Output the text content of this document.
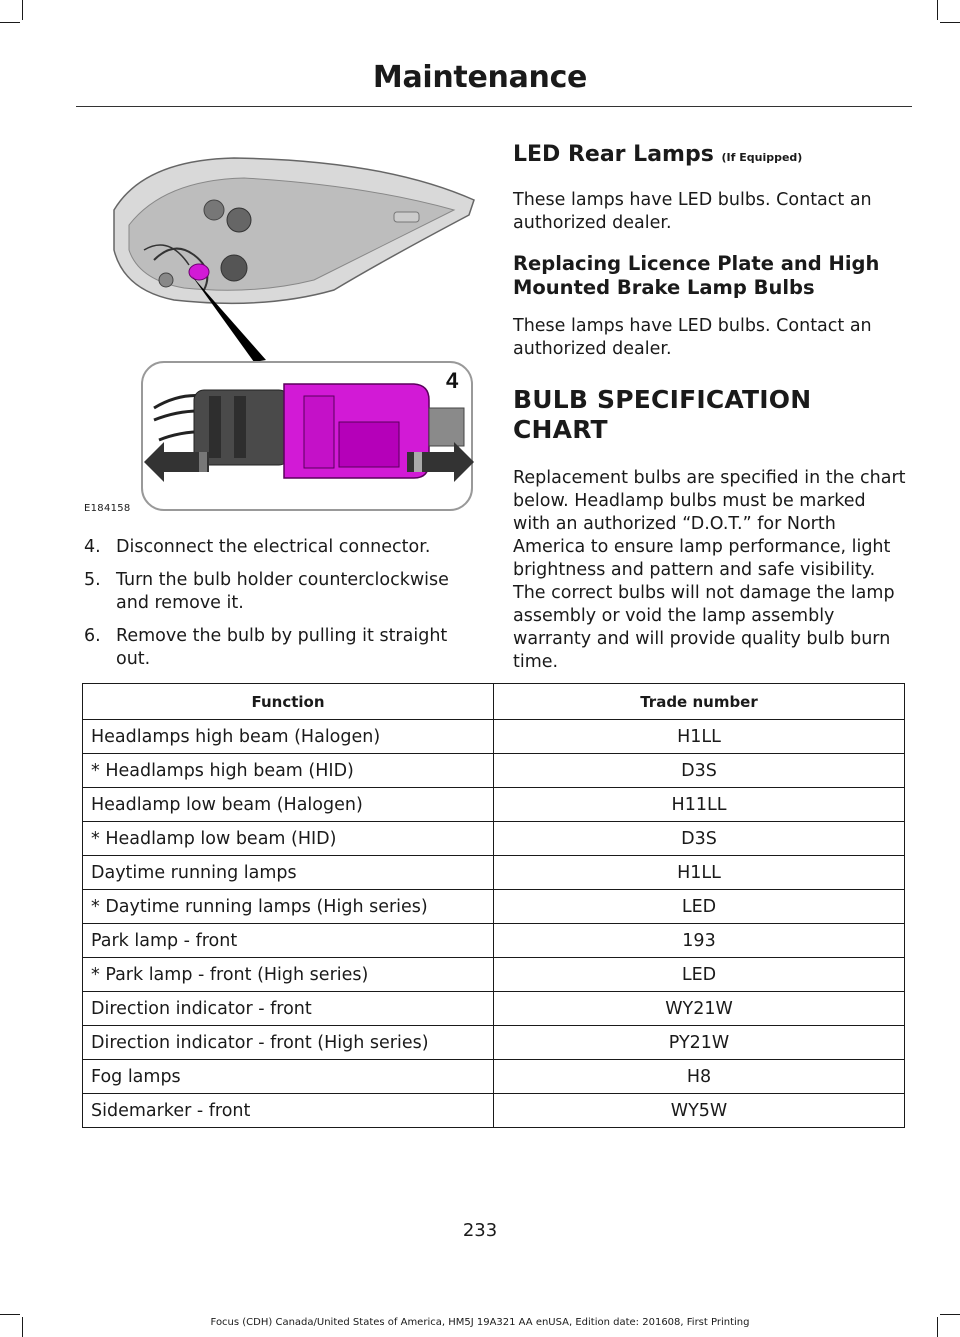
Maintenance
4
E184158
4. Disconnect the electrical connector.
5. Turn the bulb holder counterclockwise and remove it.
6. Remove the bulb by pulling it straight out.
LED Rear Lamps (If Equipped)

These lamps have LED bulbs. Contact an authorized dealer.

Replacing Licence Plate and High Mounted Brake Lamp Bulbs

These lamps have LED bulbs. Contact an authorized dealer.

BULB SPECIFICATION CHART

Replacement bulbs are specified in the chart below. Headlamp bulbs must be marked with an authorized “D.O.T.” for North America to ensure lamp performance, light brightness and pattern and safe visibility. The correct bulbs will not damage the lamp assembly or void the lamp assembly warranty and will provide quality bulb burn time.

Function	Trade number
Headlamps high beam (Halogen)	H1LL
* Headlamps high beam (HID)	D3S
Headlamp low beam (Halogen)	H11LL
* Headlamp low beam (HID)	D3S
Daytime running lamps	H1LL
* Daytime running lamps (High series)	LED
Park lamp - front	193
* Park lamp - front (High series)	LED
Direction indicator - front	WY21W
Direction indicator - front (High series)	PY21W
Fog lamps	H8
Sidemarker - front	WY5W
233
Focus (CDH) Canada/United States of America, HM5J 19A321 AA enUSA, Edition date: 201608, First Printing
